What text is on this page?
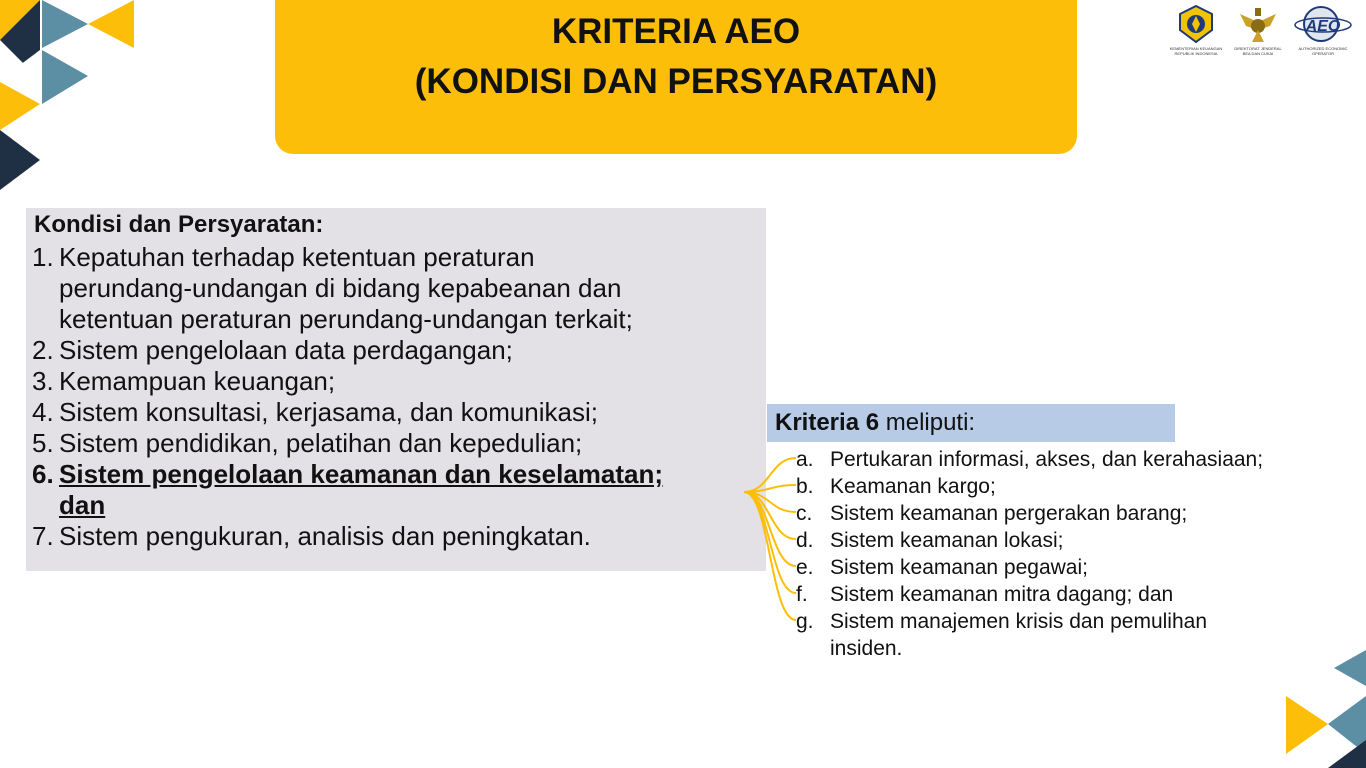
KRITERIA AEO
(KONDISI DAN PERSYARATAN)
KEMENTERIAN KEUANGAN REPUBLIK INDONESIA
DIREKTORAT JENDERAL BEA DAN CUKAI
AEO
AUTHORIZED ECONOMIC OPERATOR
Kondisi dan Persyaratan:
1. Kepatuhan terhadap ketentuan peraturan
perundang-undangan di bidang kepabeanan dan
ketentuan peraturan perundang-undangan terkait;
2. Sistem pengelolaan data perdagangan;
3. Kemampuan keuangan;
4. Sistem konsultasi, kerjasama, dan komunikasi;
5. Sistem pendidikan, pelatihan dan kepedulian;
6. Sistem pengelolaan keamanan dan keselamatan;
dan
7. Sistem pengukuran, analisis dan peningkatan.
Kriteria 6 meliputi:
a. Pertukaran informasi, akses, dan kerahasiaan;
b. Keamanan kargo;
c. Sistem keamanan pergerakan barang;
d. Sistem keamanan lokasi;
e. Sistem keamanan pegawai;
f. Sistem keamanan mitra dagang; dan
g. Sistem manajemen krisis dan pemulihan
insiden.
